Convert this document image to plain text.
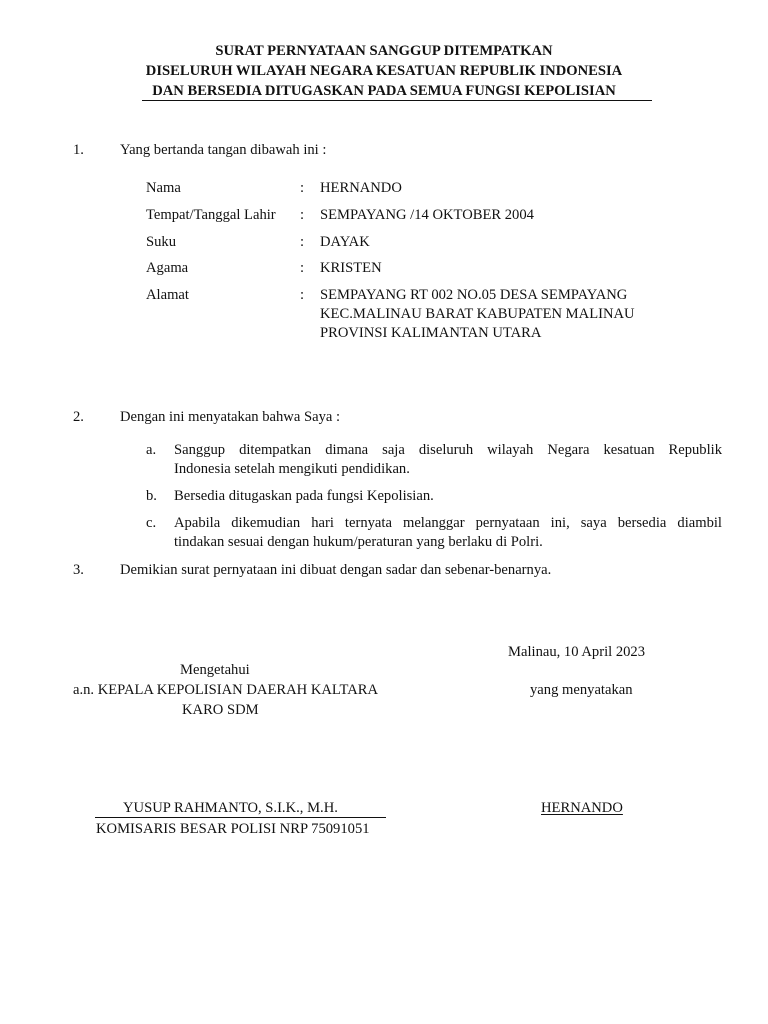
SURAT PERNYATAAN SANGGUP DITEMPATKAN
DISELURUH WILAYAH NEGARA KESATUAN REPUBLIK INDONESIA
DAN BERSEDIA DITUGASKAN PADA SEMUA FUNGSI KEPOLISIAN
1. Yang bertanda tangan dibawah ini :
Nama	: HERNANDO
Tempat/Tanggal Lahir : SEMPAYANG /14 OKTOBER 2004
Suku	: DAYAK
Agama	: KRISTEN
Alamat	: SEMPAYANG RT 002 NO.05 DESA SEMPAYANG
KEC.MALINAU BARAT KABUPATEN MALINAU
PROVINSI KALIMANTAN UTARA
2. Dengan ini menyatakan bahwa Saya :
a. Sanggup ditempatkan dimana saja diseluruh wilayah Negara kesatuan Republik
Indonesia setelah mengikuti pendidikan.
b. Bersedia ditugaskan pada fungsi Kepolisian.
c. Apabila dikemudian hari ternyata melanggar pernyataan ini, saya bersedia diambil
tindakan sesuai dengan hukum/peraturan yang berlaku di Polri.
3. Demikian surat pernyataan ini dibuat dengan sadar dan sebenar-benarnya.
Malinau, 10 April 2023
Mengetahui
a.n. KEPALA KEPOLISIAN DAERAH KALTARA
KARO SDM
YUSUP RAHMANTO, S.I.K., M.H.
KOMISARIS BESAR POLISI NRP 75091051
yang menyatakan
HERNANDO
